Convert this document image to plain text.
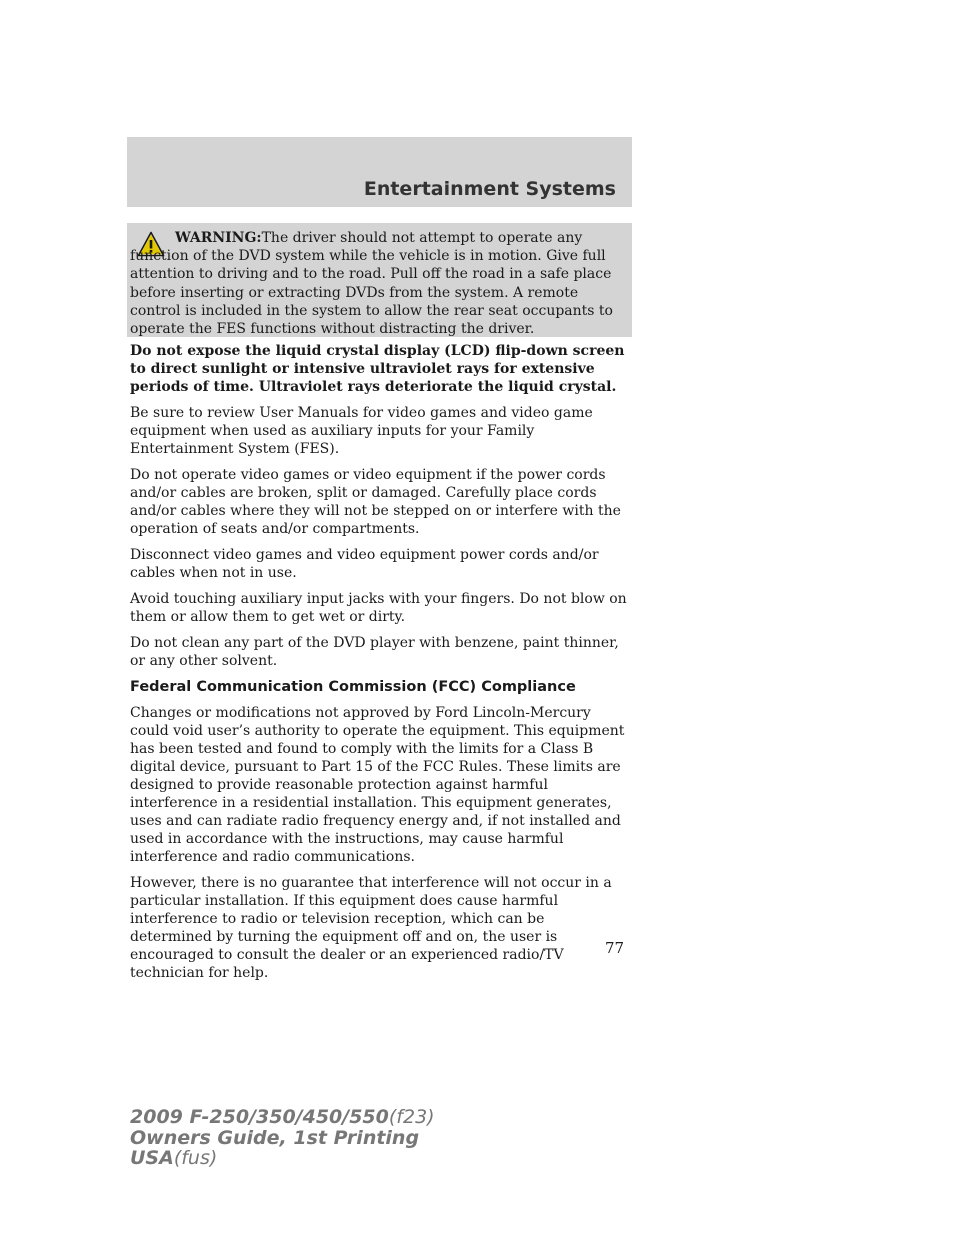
Entertainment Systems

WARNING:The driver should not attempt to operate any function of the DVD system while the vehicle is in motion. Give full attention to driving and to the road. Pull off the road in a safe place before inserting or extracting DVDs from the system. A remote control is included in the system to allow the rear seat occupants to operate the FES functions without distracting the driver.

Do not expose the liquid crystal display (LCD) flip-down screen to direct sunlight or intensive ultraviolet rays for extensive periods of time. Ultraviolet rays deteriorate the liquid crystal.

Be sure to review User Manuals for video games and video game equipment when used as auxiliary inputs for your Family Entertainment System (FES).

Do not operate video games or video equipment if the power cords and/or cables are broken, split or damaged. Carefully place cords and/or cables where they will not be stepped on or interfere with the operation of seats and/or compartments.

Disconnect video games and video equipment power cords and/or cables when not in use.

Avoid touching auxiliary input jacks with your fingers. Do not blow on them or allow them to get wet or dirty.

Do not clean any part of the DVD player with benzene, paint thinner, or any other solvent.

Federal Communication Commission (FCC) Compliance

Changes or modifications not approved by Ford Lincoln-Mercury could void user’s authority to operate the equipment. This equipment has been tested and found to comply with the limits for a Class B digital device, pursuant to Part 15 of the FCC Rules. These limits are designed to provide reasonable protection against harmful interference in a residential installation. This equipment generates, uses and can radiate radio frequency energy and, if not installed and used in accordance with the instructions, may cause harmful interference and radio communications.

However, there is no guarantee that interference will not occur in a particular installation. If this equipment does cause harmful interference to radio or television reception, which can be determined by turning the equipment off and on, the user is encouraged to consult the dealer or an experienced radio/TV technician for help.

77
2009 F-250/350/450/550(f23)
Owners Guide, 1st Printing
USA(fus)
